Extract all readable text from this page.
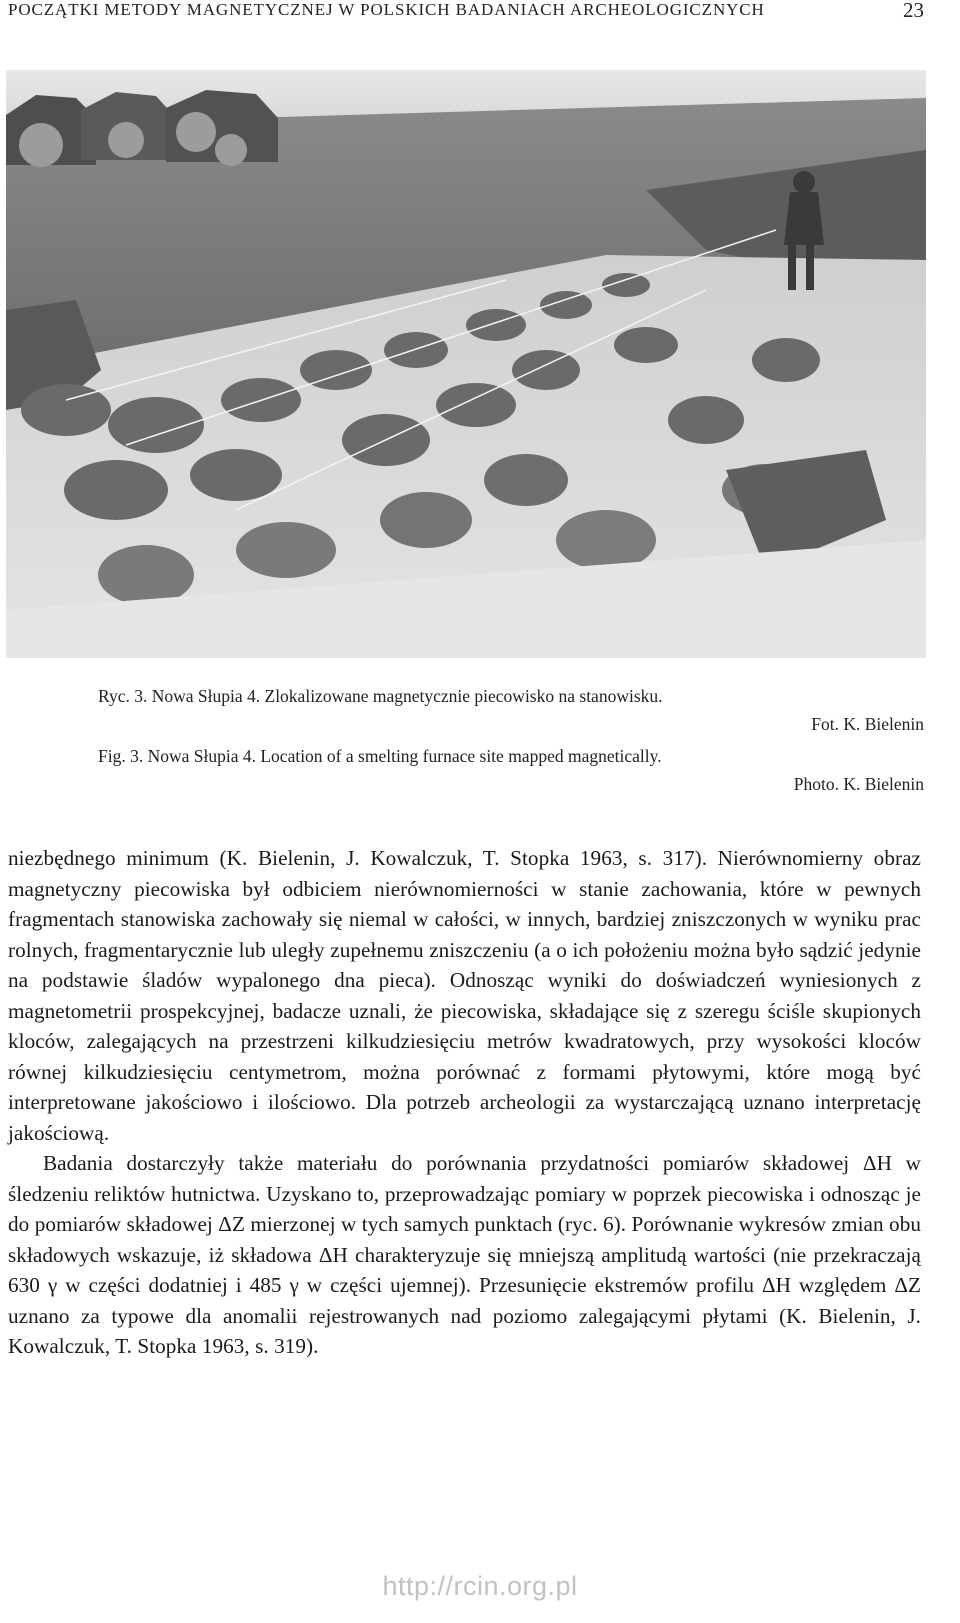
POCZĄTKI METODY MAGNETYCZNEJ W POLSKICH BADANIACH ARCHEOLOGICZNYCH	23
Ryc. 3. Nowa Słupia 4. Zlokalizowane magnetycznie piecowisko na stanowisku.
Fot. K. Bielenin
Fig. 3. Nowa Słupia 4. Location of a smelting furnace site mapped magnetically.
Photo. K. Bielenin

niezbędnego minimum (K. Bielenin, J. Kowalczuk, T. Stopka 1963, s. 317). Nierównomierny obraz magnetyczny piecowiska był odbiciem nierównomierności w stanie zachowania, które w pewnych fragmentach stanowiska zachowały się niemal w całości, w innych, bardziej zniszczonych w wyniku prac rolnych, fragmentarycznie lub uległy zupełnemu zniszczeniu (a o ich położeniu można było sądzić jedynie na podstawie śladów wypalonego dna pieca). Odnosząc wyniki do doświadczeń wyniesionych z magnetometrii prospekcyjnej, badacze uznali, że piecowiska, składające się z szeregu ściśle skupionych kloców, zalegających na przestrzeni kilkudziesięciu metrów kwadratowych, przy wysokości kloców równej kilkudziesięciu centymetrom, można porównać z formami płytowymi, które mogą być interpretowane jakościowo i ilościowo. Dla potrzeb archeologii za wystarczającą uznano interpretację jakościową.

Badania dostarczyły także materiału do porównania przydatności pomiarów składowej ΔH w śledzeniu reliktów hutnictwa. Uzyskano to, przeprowadzając pomiary w poprzek piecowiska i odnosząc je do pomiarów składowej ΔZ mierzonej w tych samych punktach (ryc. 6). Porównanie wykresów zmian obu składowych wskazuje, iż składowa ΔH charakteryzuje się mniejszą amplitudą wartości (nie przekraczają 630 γ w części dodatniej i 485 γ w części ujemnej). Przesunięcie ekstremów profilu ΔH względem ΔZ uznano za typowe dla anomalii rejestrowanych nad poziomo zalegającymi płytami (K. Bielenin, J. Kowalczuk, T. Stopka 1963, s. 319).

http://rcin.org.pl
